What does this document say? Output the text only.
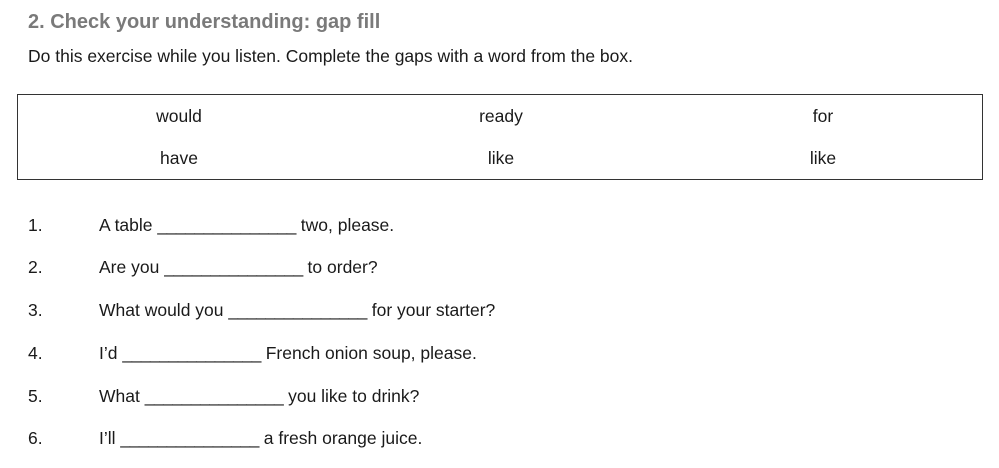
2. Check your understanding: gap fill
Do this exercise while you listen. Complete the gaps with a word from the box.
would	ready	for
have	like	like
1.	A table _______________ two, please.
2.	Are you _______________ to order?
3.	What would you _______________ for your starter?
4.	I’d _______________ French onion soup, please.
5.	What _______________ you like to drink?
6.	I’ll _______________ a fresh orange juice.
